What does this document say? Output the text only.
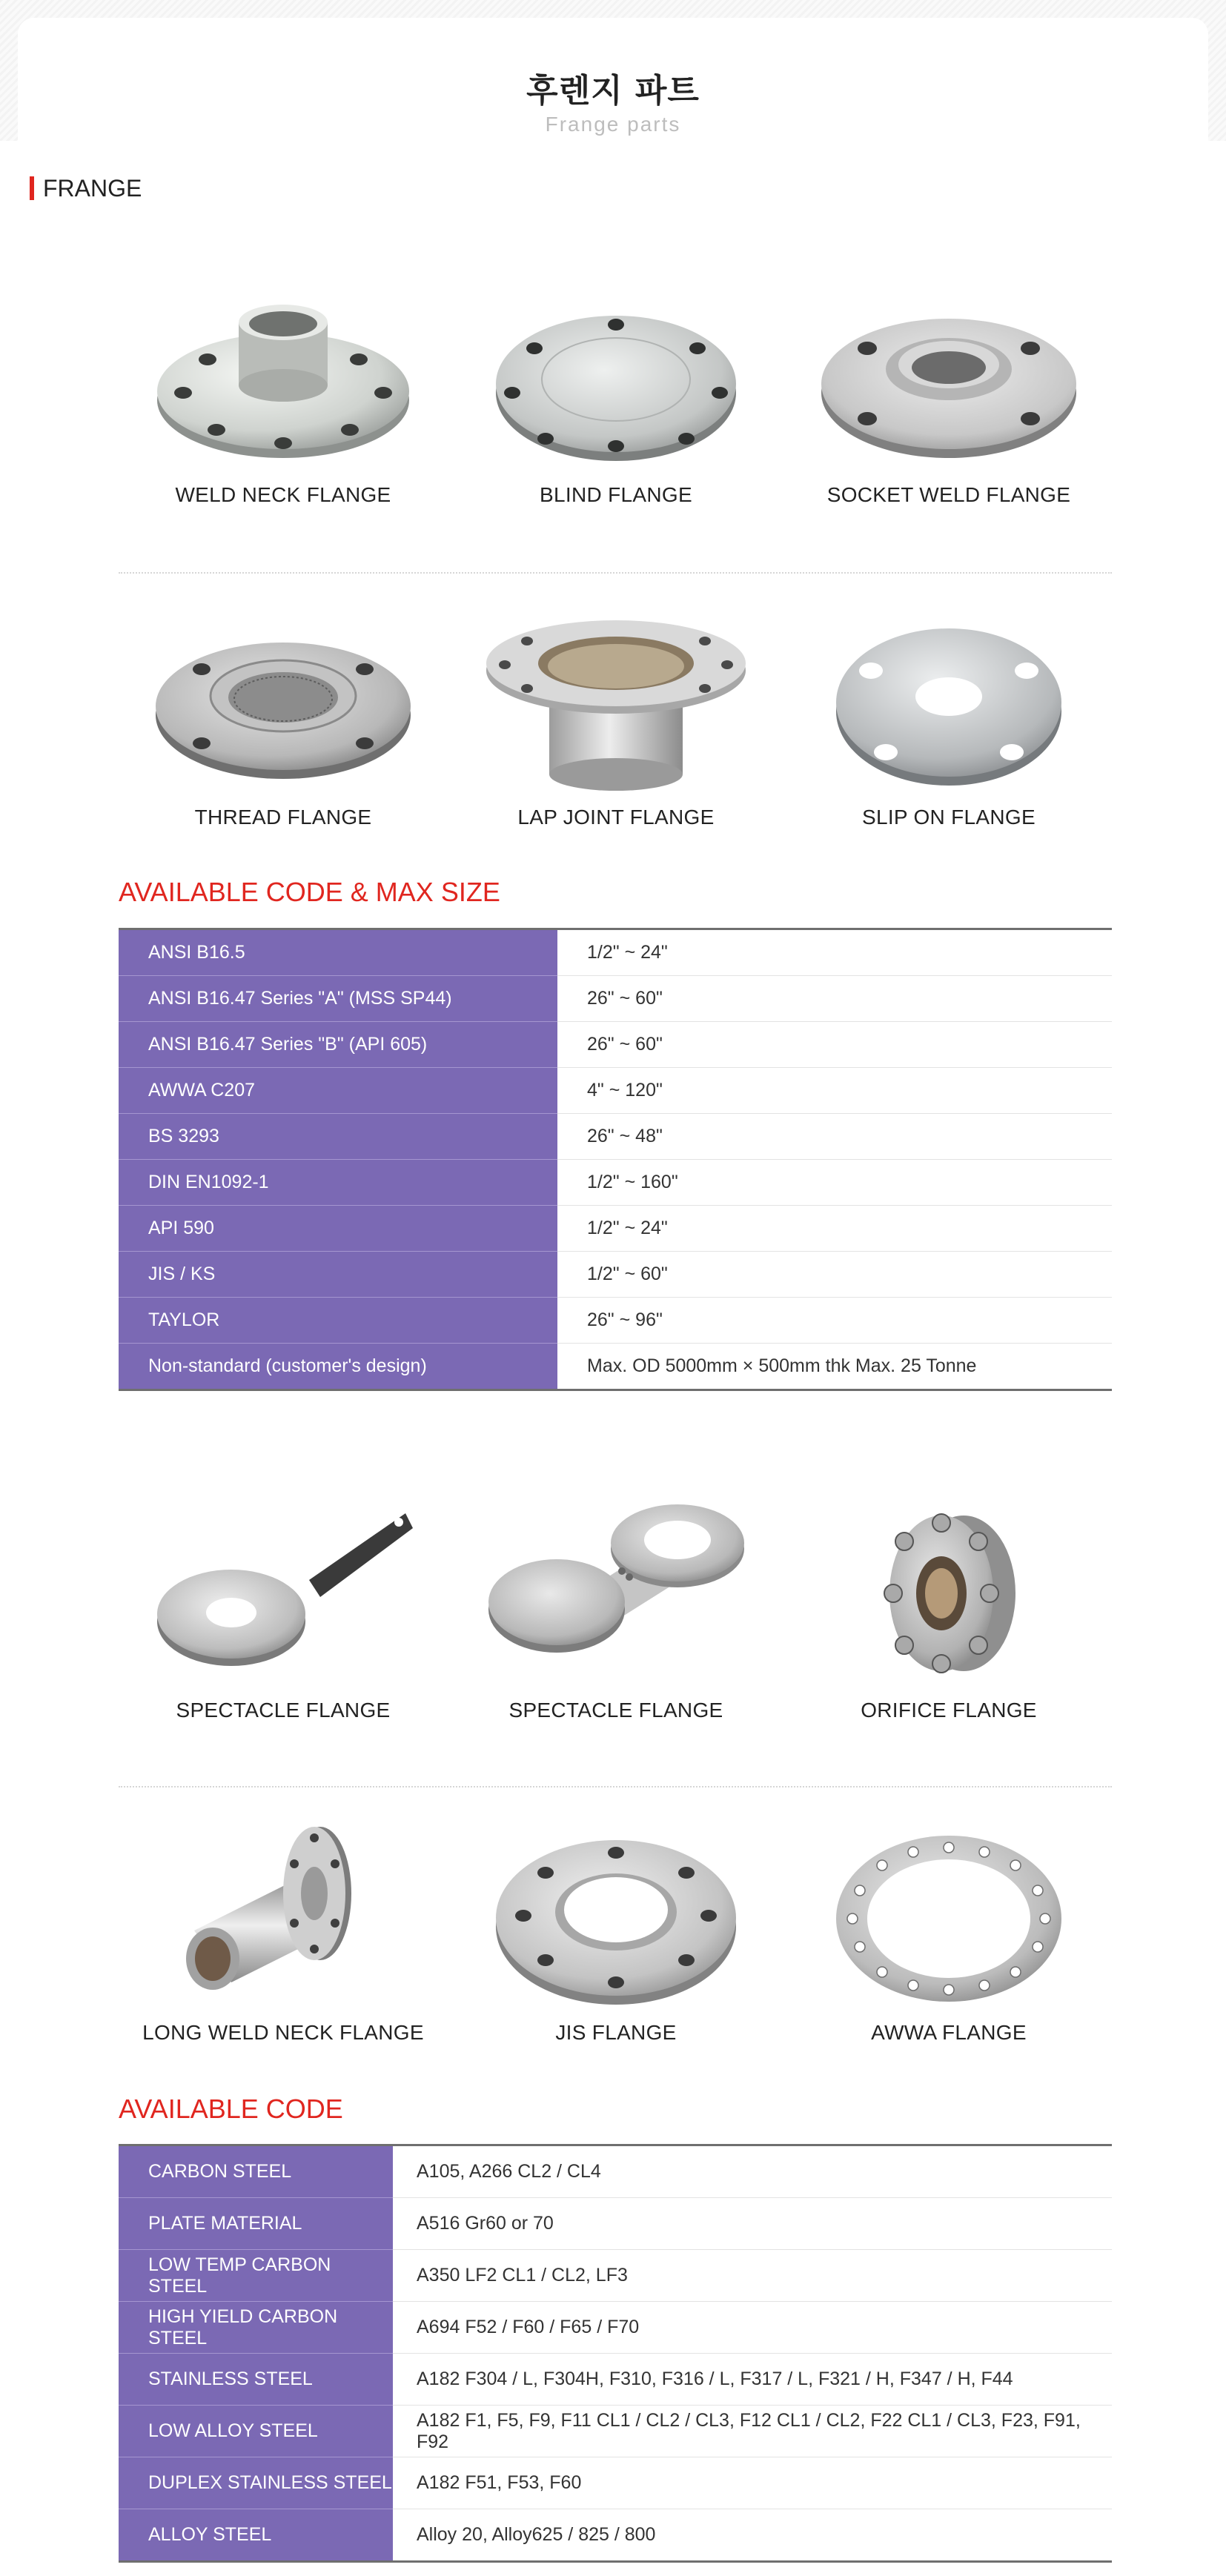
후렌지 파트
Frange parts
FRANGE
WELD NECK FLANGE	BLIND FLANGE	SOCKET WELD FLANGE
THREAD FLANGE	LAP JOINT FLANGE	SLIP ON FLANGE
AVAILABLE CODE & MAX SIZE
ANSI B16.5	1/2" ~ 24"
ANSI B16.47 Series "A" (MSS SP44)	26" ~ 60"
ANSI B16.47 Series "B" (API 605)	26" ~ 60"
AWWA C207	4" ~ 120"
BS 3293	26" ~ 48"
DIN EN1092-1	1/2" ~ 160"
API 590	1/2" ~ 24"
JIS / KS	1/2" ~ 60"
TAYLOR	26" ~ 96"
Non-standard (customer's design)	Max. OD 5000mm × 500mm thk Max. 25 Tonne
SPECTACLE FLANGE	SPECTACLE FLANGE	ORIFICE FLANGE
LONG WELD NECK FLANGE	JIS FLANGE	AWWA FLANGE
AVAILABLE CODE
CARBON STEEL	A105, A266 CL2 / CL4
PLATE MATERIAL	A516 Gr60 or 70
LOW TEMP CARBON STEEL	A350 LF2 CL1 / CL2, LF3
HIGH YIELD CARBON STEEL	A694 F52 / F60 / F65 / F70
STAINLESS STEEL	A182 F304 / L, F304H, F310, F316 / L, F317 / L, F321 / H, F347 / H, F44
LOW ALLOY STEEL	A182 F1, F5, F9, F11 CL1 / CL2 / CL3, F12 CL1 / CL2, F22 CL1 / CL3, F23, F91, F92
DUPLEX STAINLESS STEEL	A182 F51, F53, F60
ALLOY STEEL	Alloy 20, Alloy625 / 825 / 800
